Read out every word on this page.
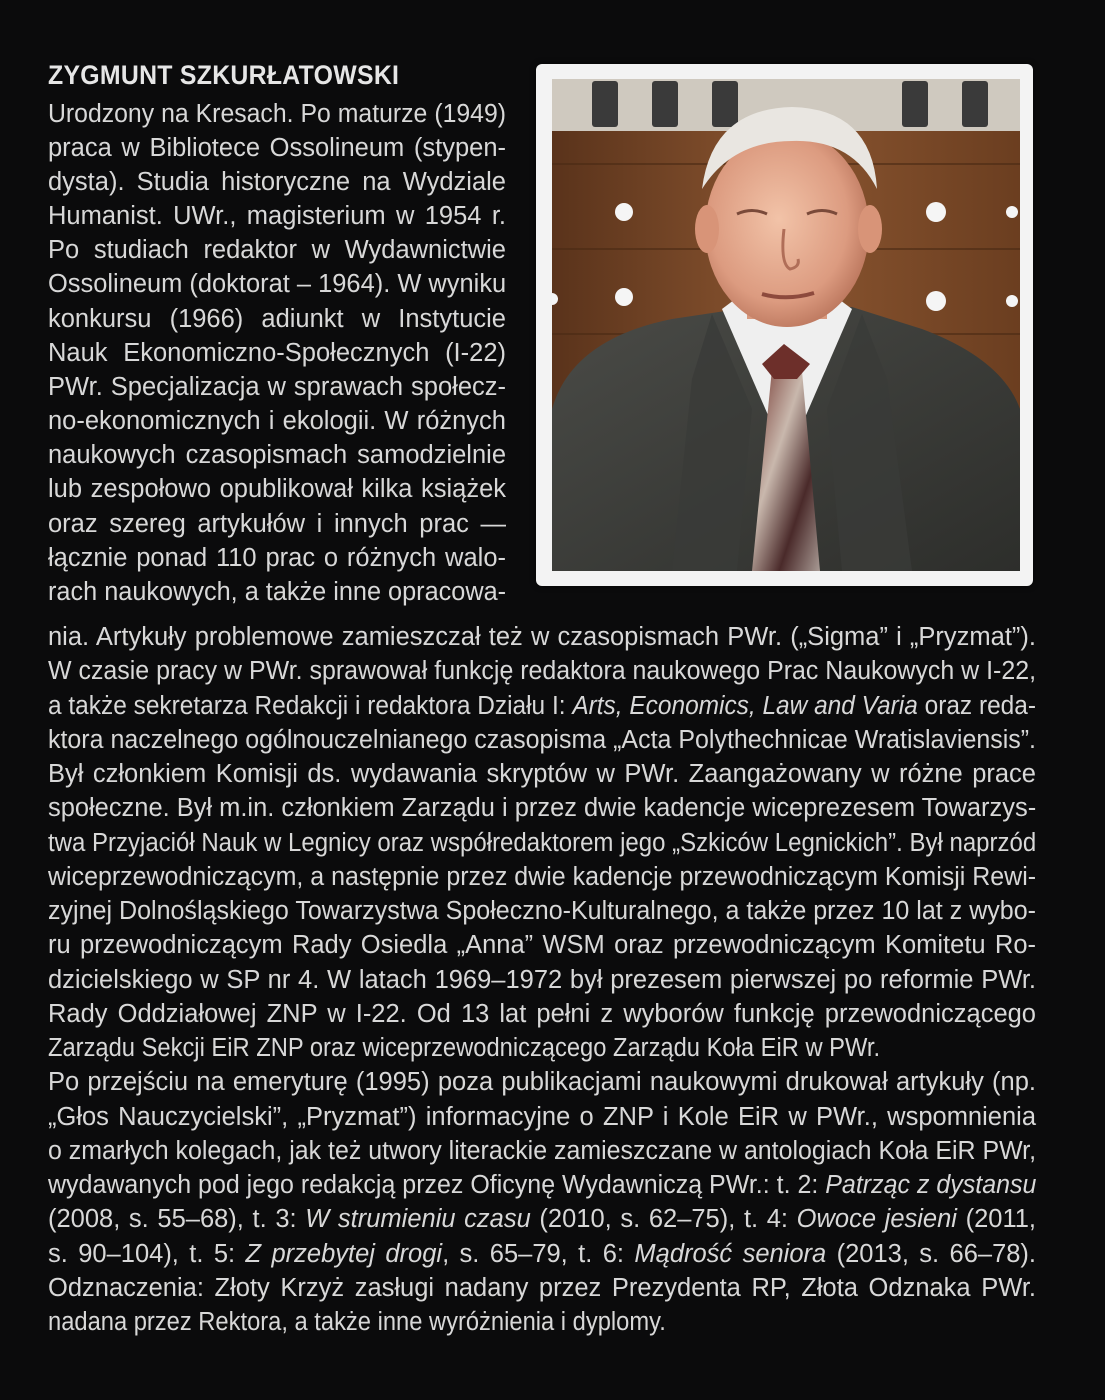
ZYGMUNT SZKURŁATOWSKI
Urodzony na Kresach. Po maturze (1949)
praca w Bibliotece Ossolineum (stypen-
dysta). Studia historyczne na Wydziale
Humanist. UWr., magisterium w 1954 r.
Po studiach redaktor w Wydawnictwie
Ossolineum (doktorat – 1964). W wyniku
konkursu (1966) adiunkt w Instytucie
Nauk Ekonomiczno-Społecznych (I-22)
PWr. Specjalizacja w sprawach społecz-
no-ekonomicznych i ekologii. W różnych
naukowych czasopismach samodzielnie
lub zespołowo opublikował kilka książek
oraz szereg artykułów i innych prac —
łącznie ponad 110 prac o różnych walo-
rach naukowych, a także inne opracowa-
nia. Artykuły problemowe zamieszczał też w czasopismach PWr. („Sigma” i „Pryzmat”).
W czasie pracy w PWr. sprawował funkcję redaktora naukowego Prac Naukowych w I-22,
a także sekretarza Redakcji i redaktora Działu I: Arts, Economics, Law and Varia oraz reda-
ktora naczelnego ogólnouczelnianego czasopisma „Acta Polythechnicae Wratislaviensis”.
Był członkiem Komisji ds. wydawania skryptów w PWr. Zaangażowany w różne prace
społeczne. Był m.in. członkiem Zarządu i przez dwie kadencje wiceprezesem Towarzys-
twa Przyjaciół Nauk w Legnicy oraz współredaktorem jego „Szkiców Legnickich”. Był naprzód
wiceprzewodniczącym, a następnie przez dwie kadencje przewodniczącym Komisji Rewi-
zyjnej Dolnośląskiego Towarzystwa Społeczno-Kulturalnego, a także przez 10 lat z wybo-
ru przewodniczącym Rady Osiedla „Anna” WSM oraz przewodniczącym Komitetu Ro-
dzicielskiego w SP nr 4. W latach 1969–1972 był prezesem pierwszej po reformie PWr.
Rady Oddziałowej ZNP w I-22. Od 13 lat pełni z wyborów funkcję przewodniczącego
Zarządu Sekcji EiR ZNP oraz wiceprzewodniczącego Zarządu Koła EiR w PWr.
Po przejściu na emeryturę (1995) poza publikacjami naukowymi drukował artykuły (np.
„Głos Nauczycielski”, „Pryzmat”) informacyjne o ZNP i Kole EiR w PWr., wspomnienia
o zmarłych kolegach, jak też utwory literackie zamieszczane w antologiach Koła EiR PWr,
wydawanych pod jego redakcją przez Oficynę Wydawniczą PWr.: t. 2: Patrząc z dystansu
(2008, s. 55–68), t. 3: W strumieniu czasu (2010, s. 62–75), t. 4: Owoce jesieni (2011,
s. 90–104), t. 5: Z przebytej drogi, s. 65–79, t. 6: Mądrość seniora (2013, s. 66–78).
Odznaczenia: Złoty Krzyż zasługi nadany przez Prezydenta RP, Złota Odznaka PWr.
nadana przez Rektora, a także inne wyróżnienia i dyplomy.
